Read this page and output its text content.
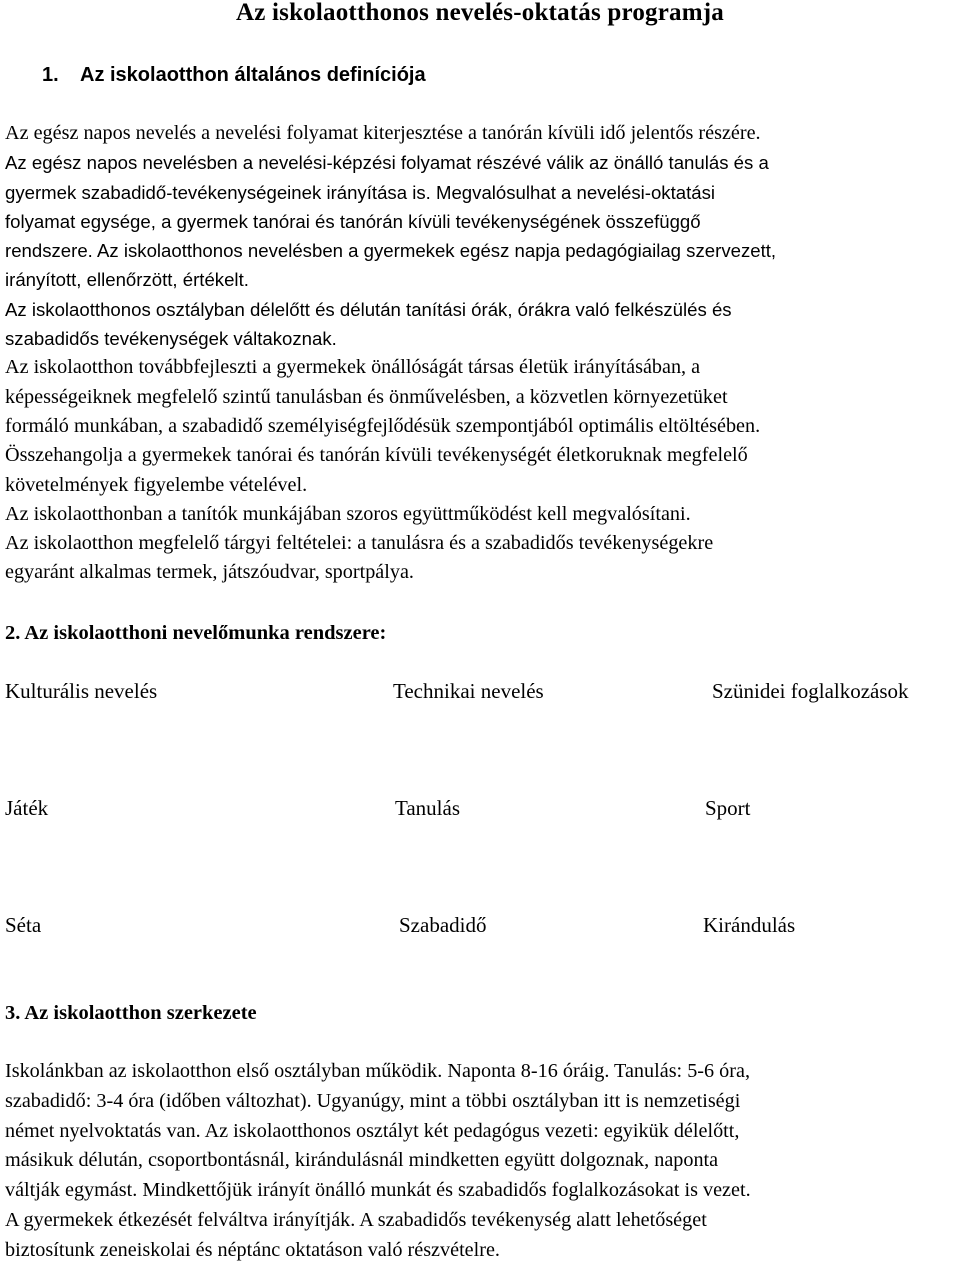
Az iskolaotthonos nevelés-oktatás programja
1. Az iskolaotthon általános definíciója
Az egész napos nevelés a nevelési folyamat kiterjesztése a tanórán kívüli idő jelentős részére.
Az egész napos nevelésben a nevelési-képzési folyamat részévé válik az önálló tanulás és a
gyermek szabadidő-tevékenységeinek irányítása is. Megvalósulhat a nevelési-oktatási
folyamat egysége, a gyermek tanórai és tanórán kívüli tevékenységének összefüggő
rendszere. Az iskolaotthonos nevelésben a gyermekek egész napja pedagógiailag szervezett,
irányított, ellenőrzött, értékelt.
Az iskolaotthonos osztályban délelőtt és délután tanítási órák, órákra való felkészülés és
szabadidős tevékenységek váltakoznak.
Az iskolaotthon továbbfejleszti a gyermekek önállóságát társas életük irányításában, a
képességeiknek megfelelő szintű tanulásban és önművelésben, a közvetlen környezetüket
formáló munkában, a szabadidő személyiségfejlődésük szempontjából optimális eltöltésében.
Összehangolja a gyermekek tanórai és tanórán kívüli tevékenységét életkoruknak megfelelő
követelmények figyelembe vételével.
Az iskolaotthonban a tanítók munkájában szoros együttműködést kell megvalósítani.
Az iskolaotthon megfelelő tárgyi feltételei: a tanulásra és a szabadidős tevékenységekre
egyaránt alkalmas termek, játszóudvar, sportpálya.
2. Az iskolaotthoni nevelőmunka rendszere:
Kulturális nevelés	Technikai nevelés	Szünidei foglalkozások
Játék	Tanulás	Sport
Séta	Szabadidő	Kirándulás
3. Az iskolaotthon szerkezete
Iskolánkban az iskolaotthon első osztályban működik. Naponta 8-16 óráig. Tanulás: 5-6 óra,
szabadidő: 3-4 óra (időben változhat). Ugyanúgy, mint a többi osztályban itt is nemzetiségi
német nyelvoktatás van. Az iskolaotthonos osztályt két pedagógus vezeti: egyikük délelőtt,
másikuk délután, csoportbontásnál, kirándulásnál mindketten együtt dolgoznak, naponta
váltják egymást. Mindkettőjük irányít önálló munkát és szabadidős foglalkozásokat is vezet.
A gyermekek étkezését felváltva irányítják. A szabadidős tevékenység alatt lehetőséget
biztosítunk zeneiskolai és néptánc oktatáson való részvételre.
